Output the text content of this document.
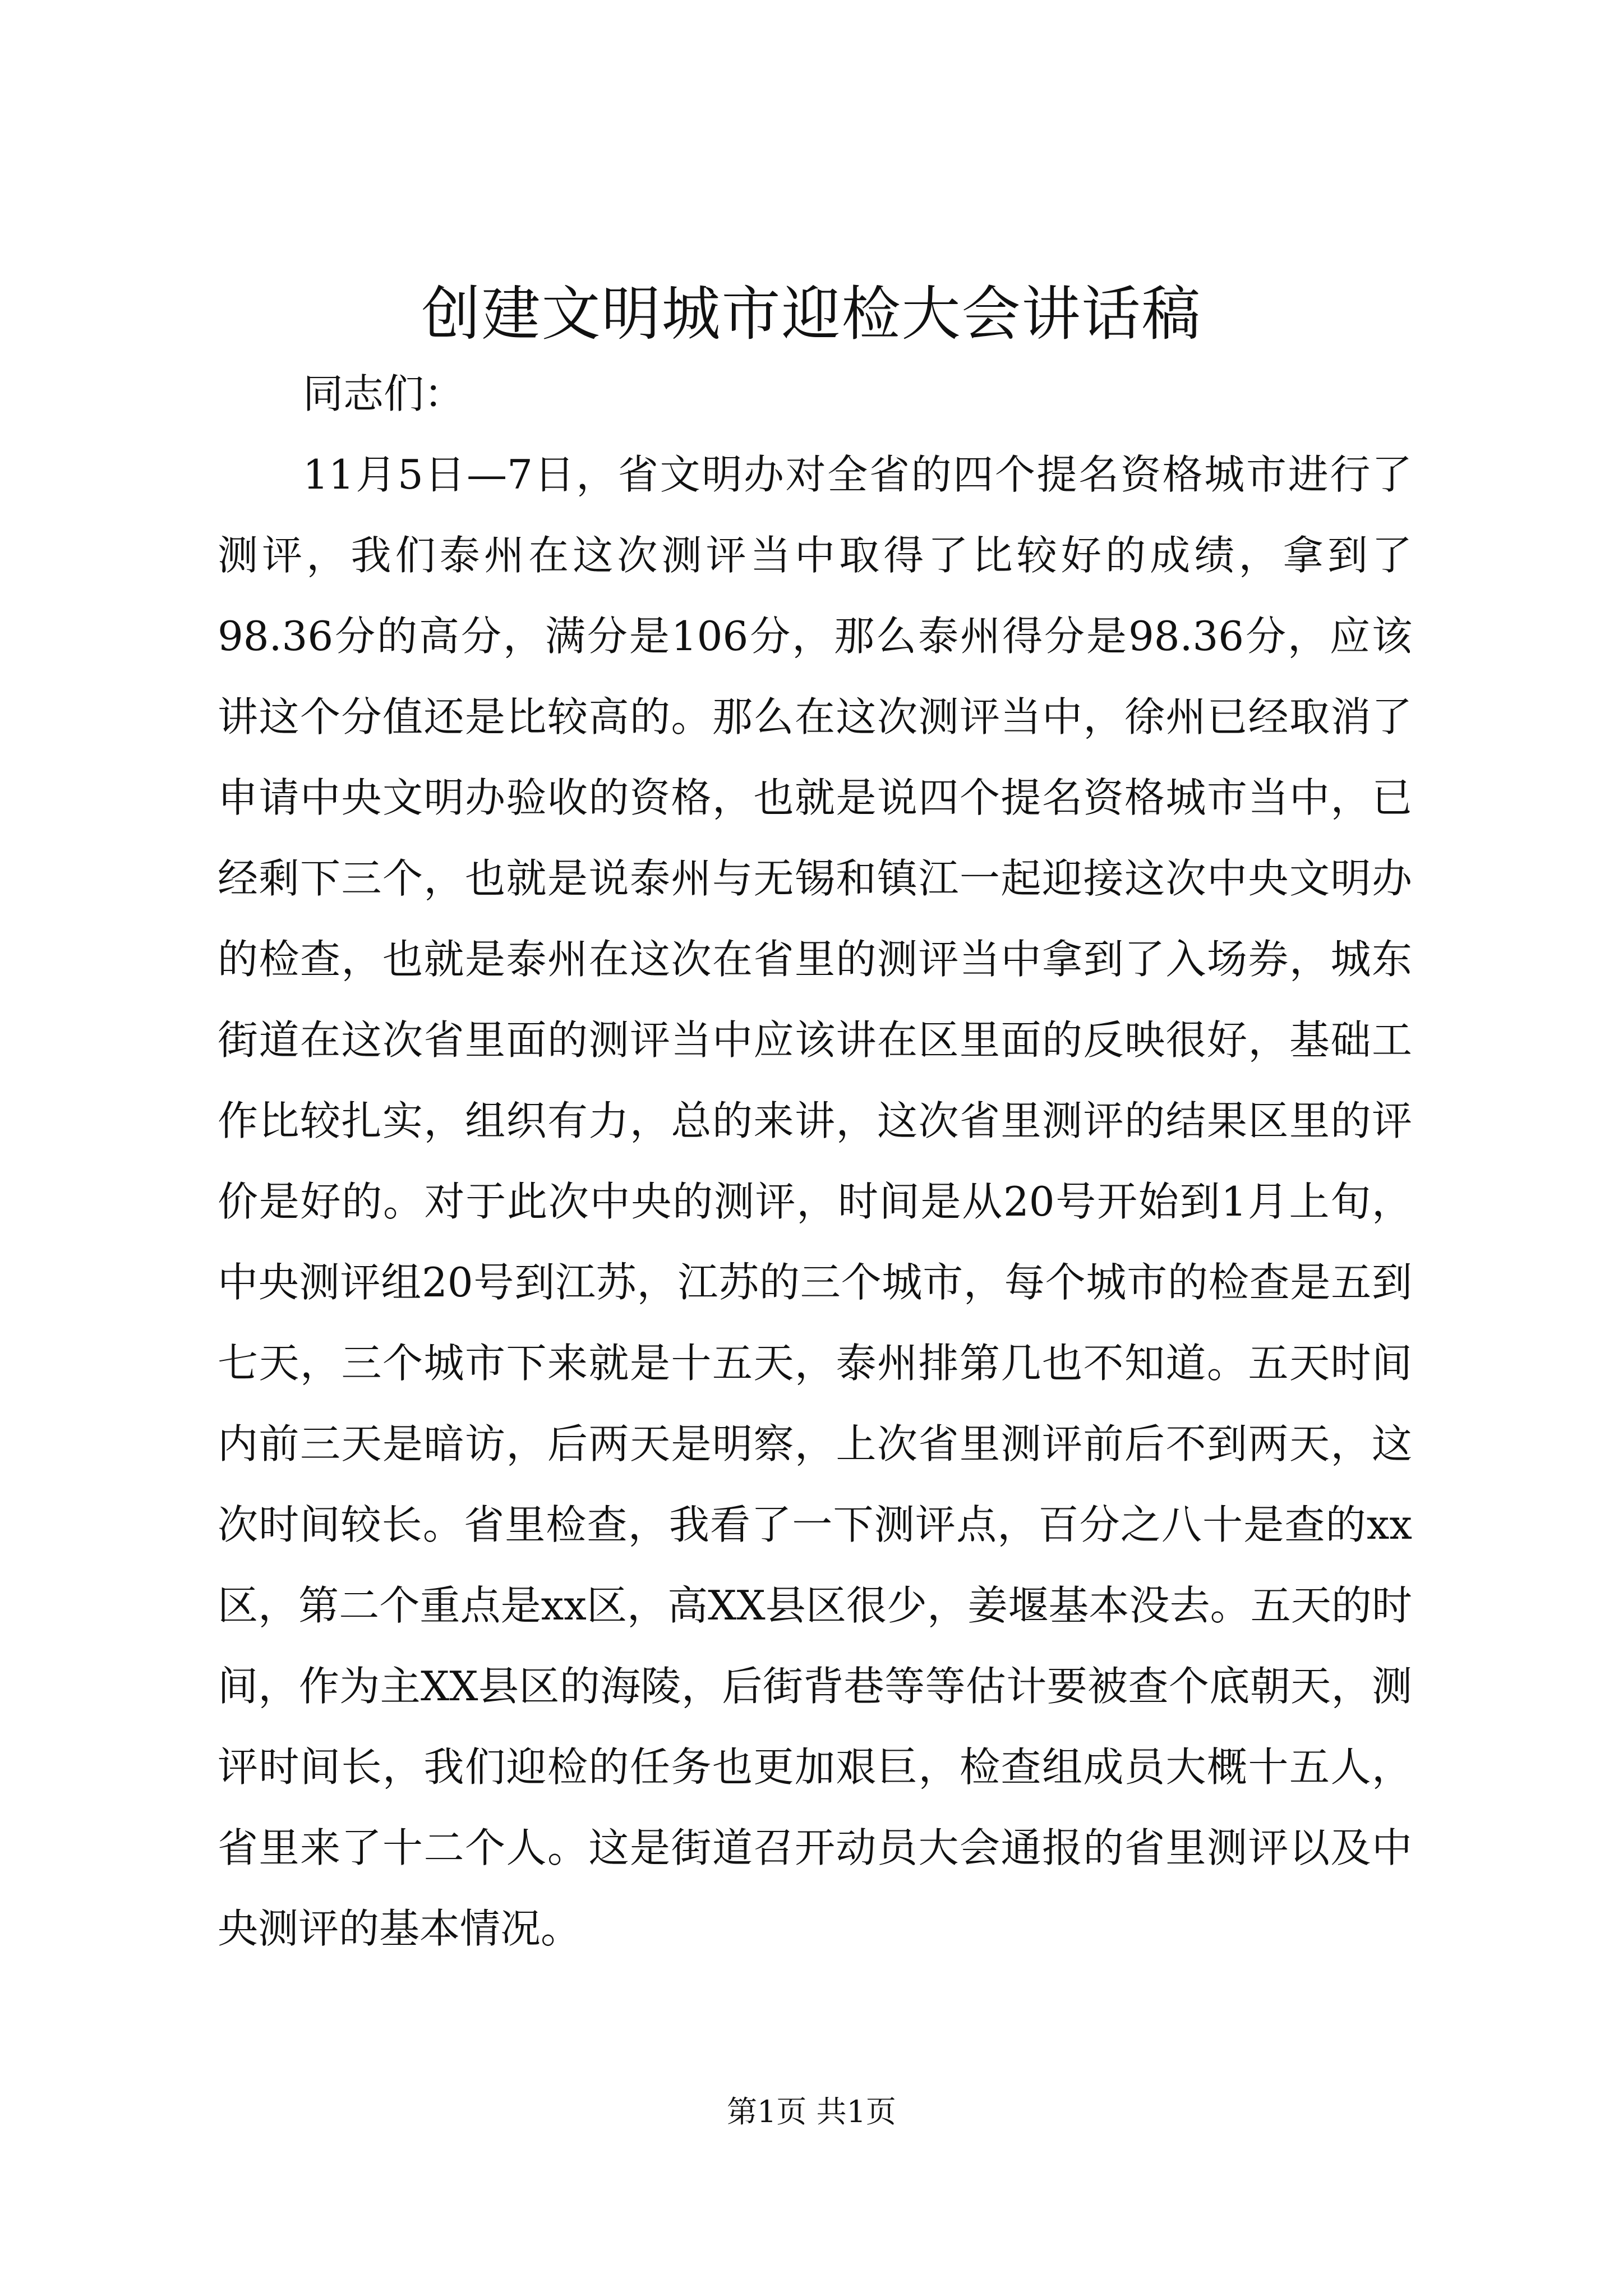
创建文明城市迎检大会讲话稿

同志们：

11月5日—7日，省文明办对全省的四个提名资格城市进行了测评，我们泰州在这次测评当中取得了比较好的成绩，拿到了98.36分的高分，满分是106分，那么泰州得分是98.36分，应该讲这个分值还是比较高的。那么在这次测评当中，徐州已经取消了申请中央文明办验收的资格，也就是说四个提名资格城市当中，已经剩下三个，也就是说泰州与无锡和镇江一起迎接这次中央文明办的检查，也就是泰州在这次在省里的测评当中拿到了入场券，城东街道在这次省里面的测评当中应该讲在区里面的反映很好，基础工作比较扎实，组织有力，总的来讲，这次省里测评的结果区里的评价是好的。对于此次中央的测评，时间是从20号开始到1月上旬，中央测评组20号到江苏，江苏的三个城市，每个城市的检查是五到七天，三个城市下来就是十五天，泰州排第几也不知道。五天时间内前三天是暗访，后两天是明察，上次省里测评前后不到两天，这次时间较长。省里检查，我看了一下测评点，百分之八十是查的xx区，第二个重点是xx区，高XX县区很少，姜堰基本没去。五天的时间，作为主XX县区的海陵，后街背巷等等估计要被查个底朝天，测评时间长，我们迎检的任务也更加艰巨，检查组成员大概十五人，省里来了十二个人。这是街道召开动员大会通报的省里测评以及中央测评的基本情况。

第1页 共1页
